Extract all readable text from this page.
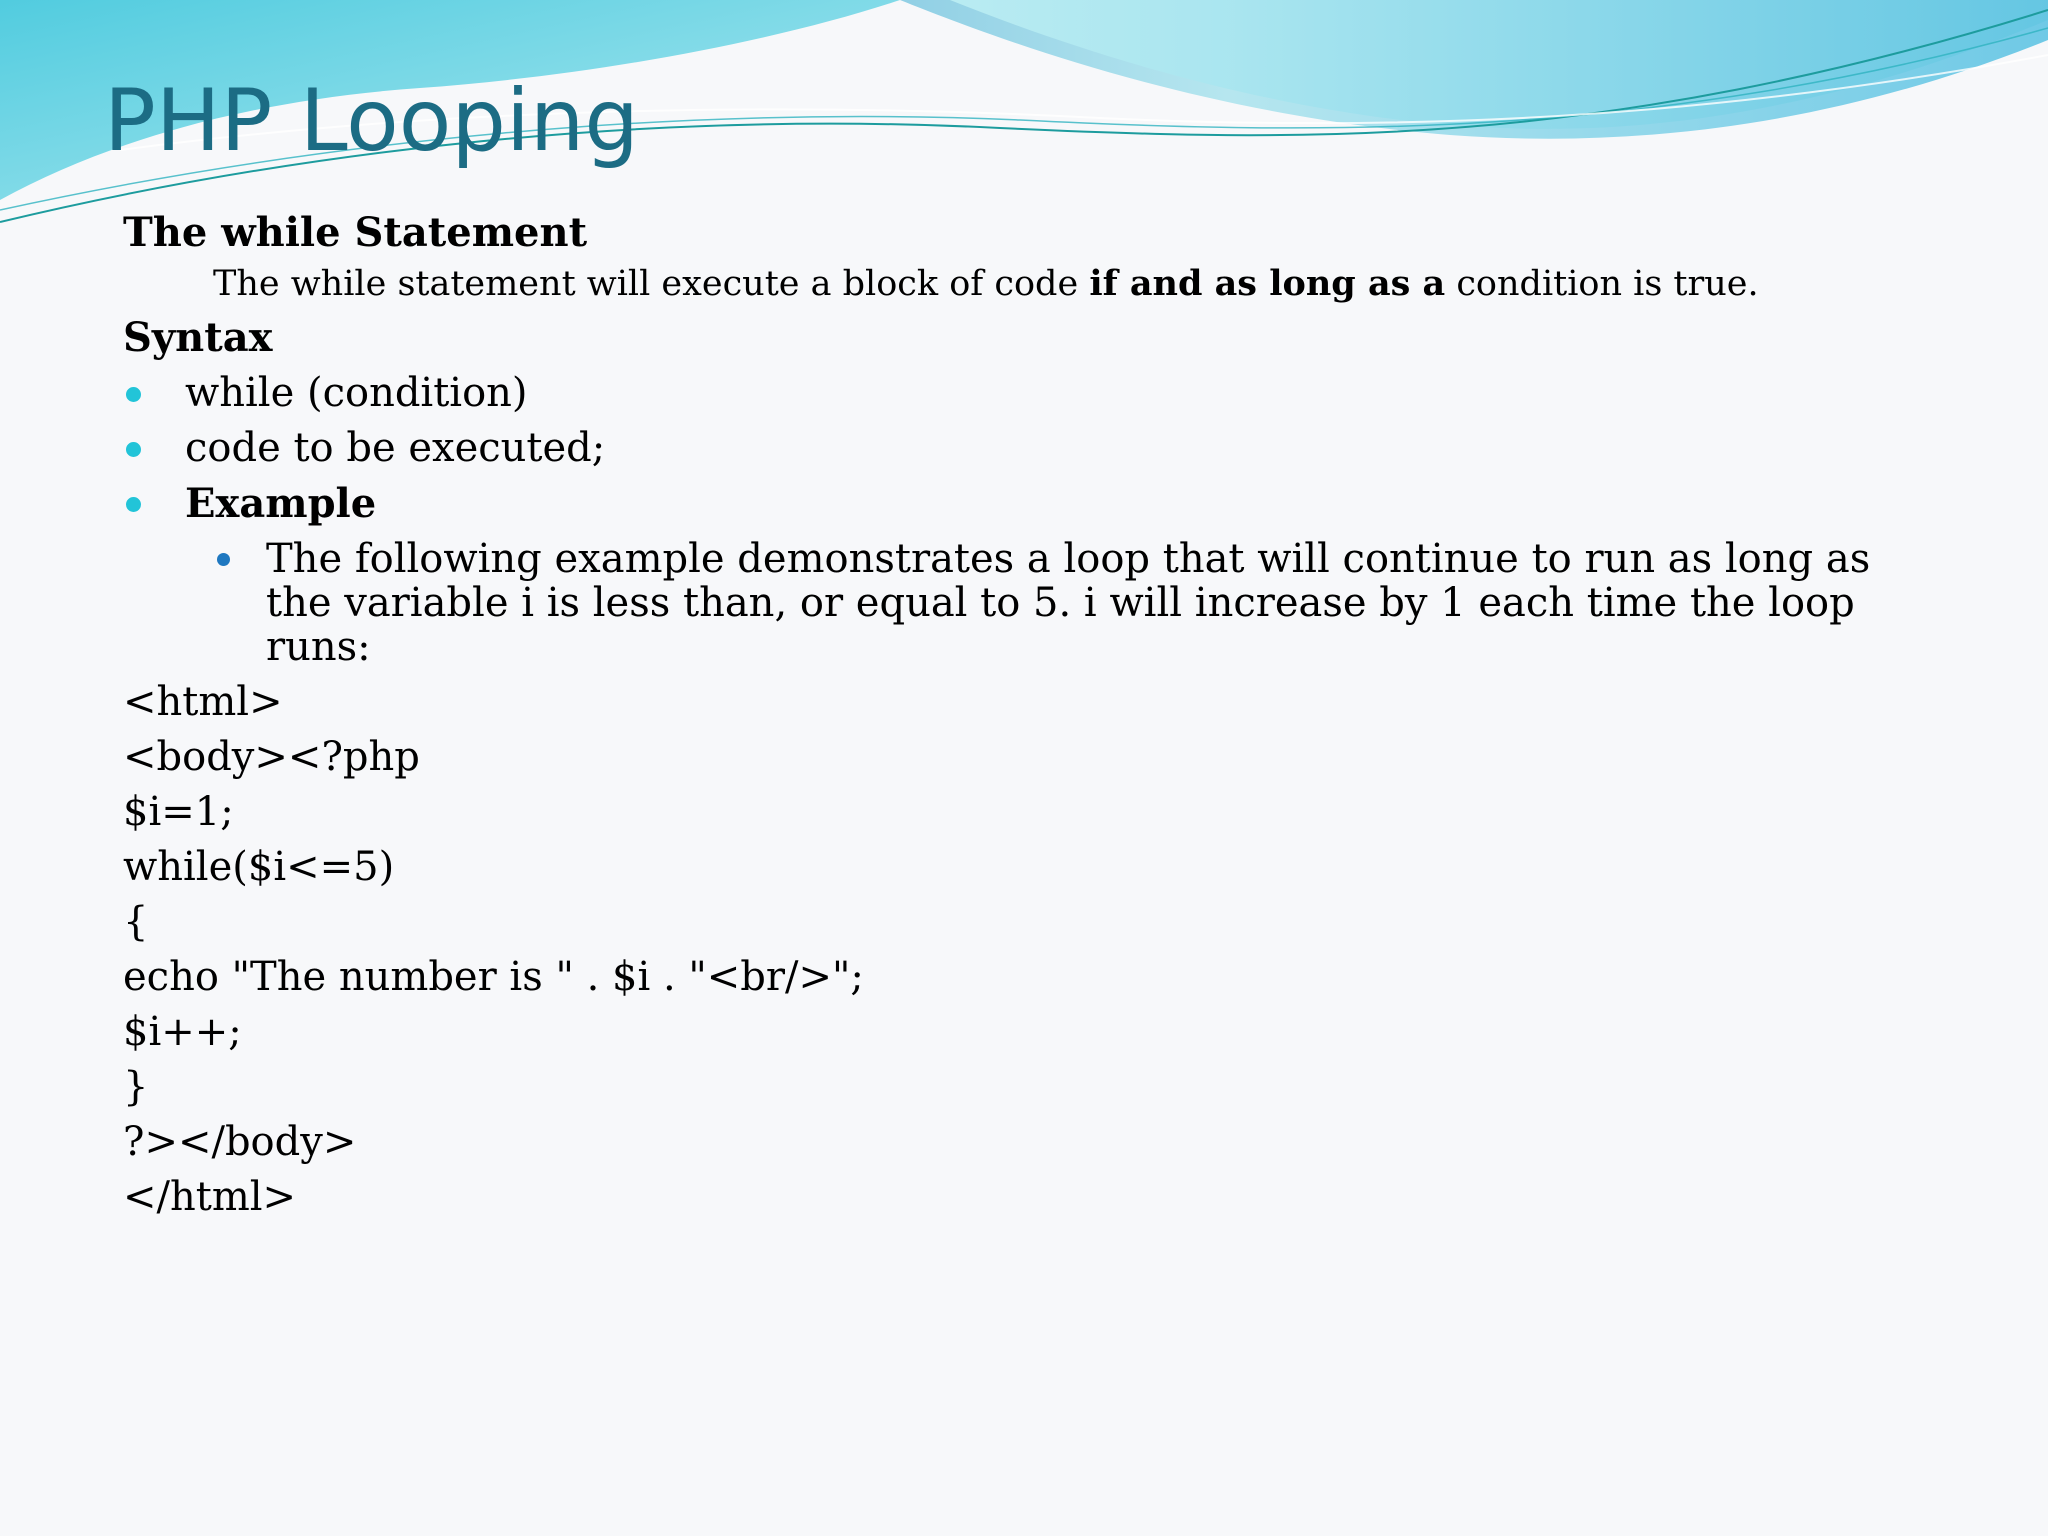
PHP Looping
The while Statement
The while statement will execute a block of code if and as long as a condition is true.
Syntax
while (condition)
code to be executed;
Example
The following example demonstrates a loop that will continue to run as long as the variable i is less than, or equal to 5. i will increase by 1 each time the loop runs:
<html>
<body><?php
$i=1;
while($i<=5)
{
echo "The number is " . $i . "<br/>";
$i++;
}
?></body>
</html>
